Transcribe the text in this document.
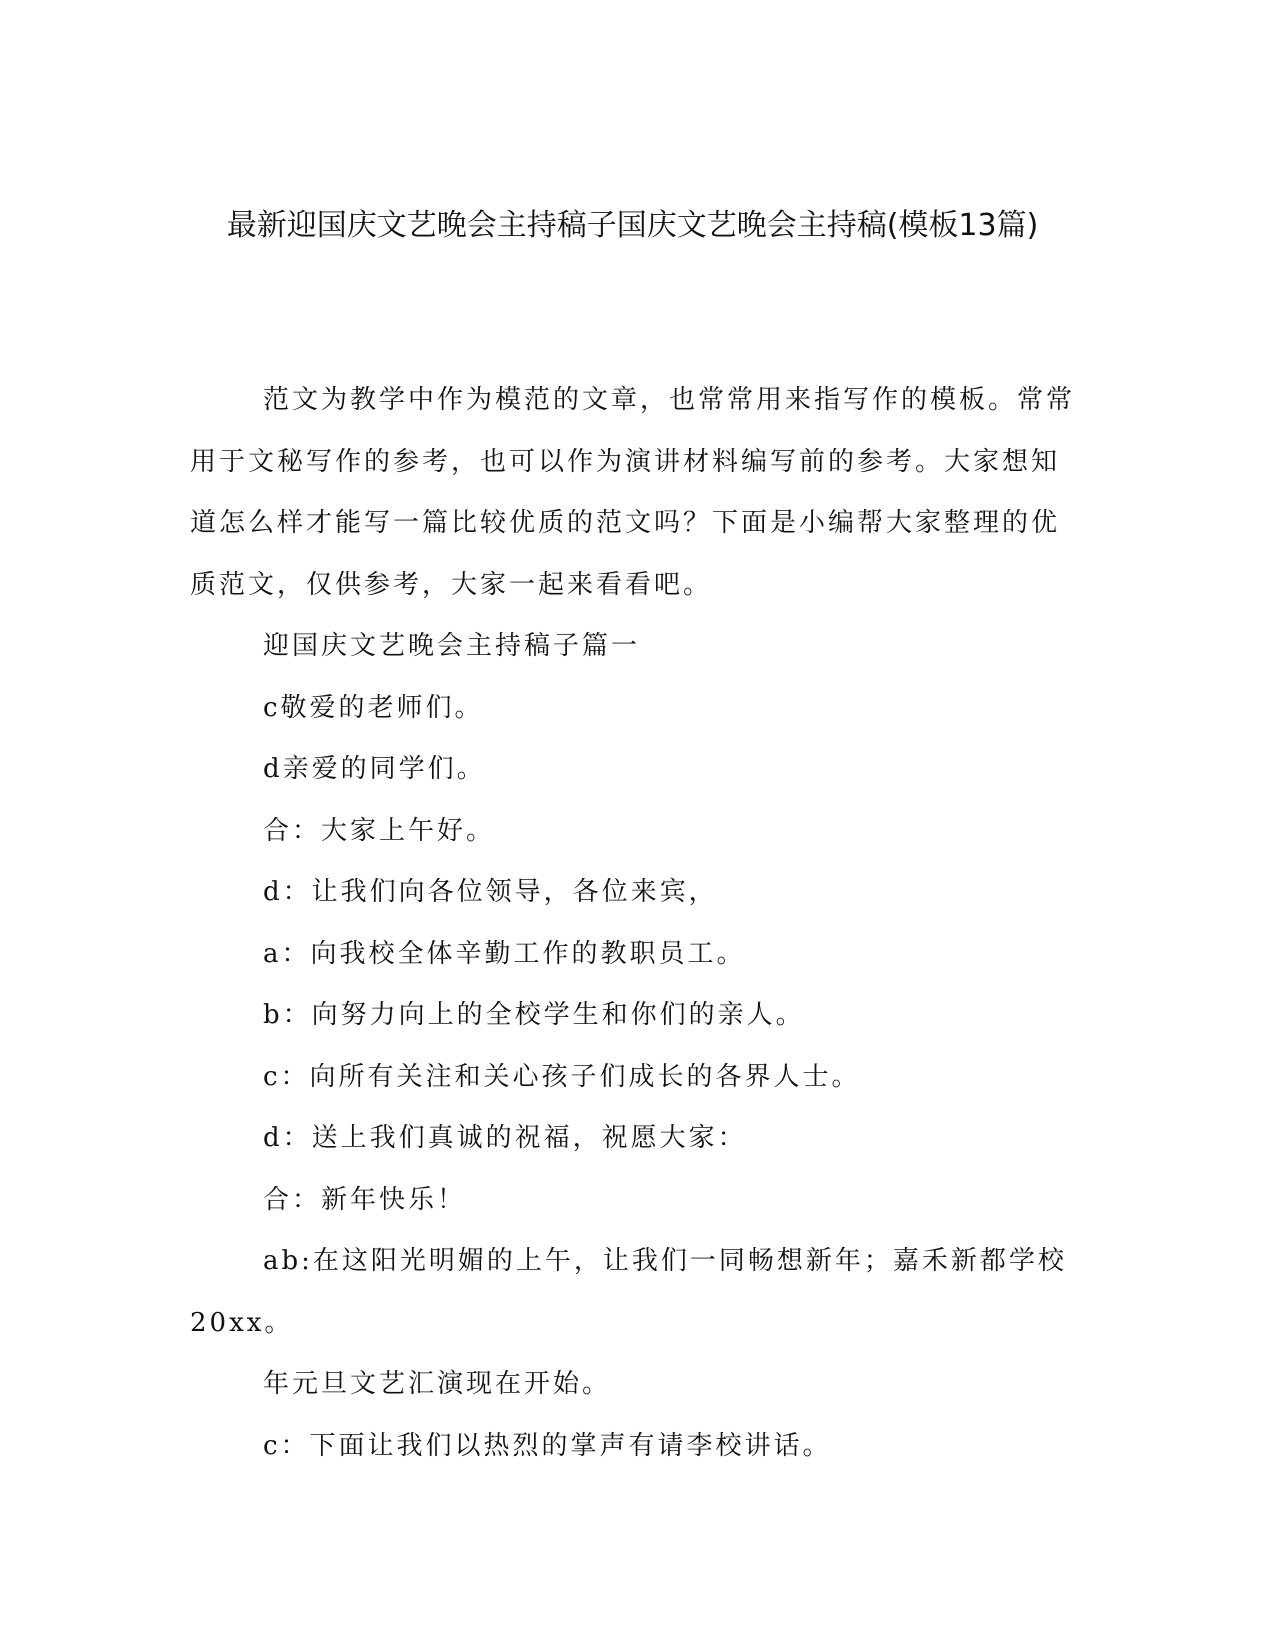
最新迎国庆文艺晚会主持稿子国庆文艺晚会主持稿(模板13篇)

范文为教学中作为模范的文章，也常常用来指写作的模板。常常用于文秘写作的参考，也可以作为演讲材料编写前的参考。大家想知道怎么样才能写一篇比较优质的范文吗？下面是小编帮大家整理的优质范文，仅供参考，大家一起来看看吧。

迎国庆文艺晚会主持稿子篇一

c敬爱的老师们。

d亲爱的同学们。

合：大家上午好。

d：让我们向各位领导，各位来宾，

a：向我校全体辛勤工作的教职员工。

b：向努力向上的全校学生和你们的亲人。

c：向所有关注和关心孩子们成长的各界人士。

d：送上我们真诚的祝福，祝愿大家：

合：新年快乐！

ab:在这阳光明媚的上午，让我们一同畅想新年；嘉禾新都学校20xx。

年元旦文艺汇演现在开始。

c：下面让我们以热烈的掌声有请李校讲话。
